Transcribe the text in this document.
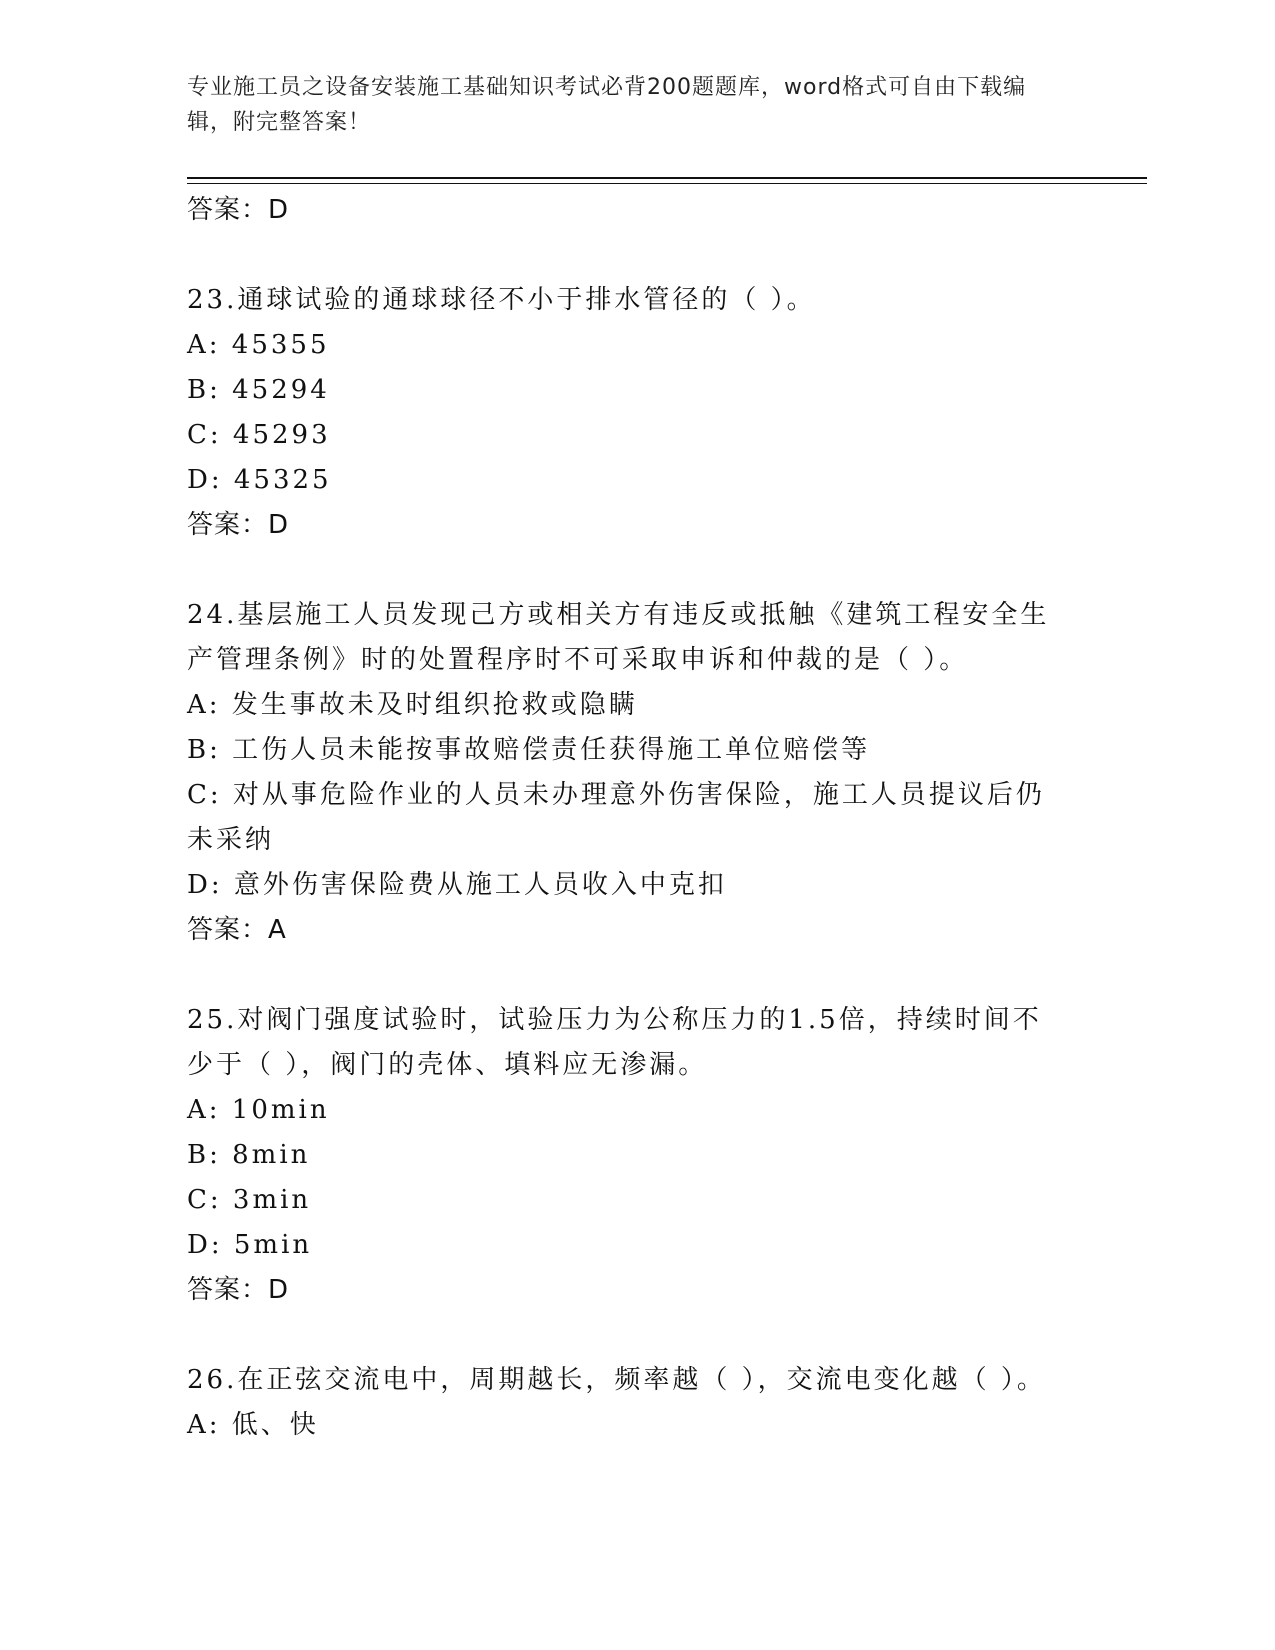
专业施工员之设备安装施工基础知识考试必背200题题库，word格式可自由下载编辑，附完整答案！
答案：D
23.通球试验的通球球径不小于排水管径的（ ）。
A: 45355
B: 45294
C: 45293
D: 45325
答案：D
24.基层施工人员发现己方或相关方有违反或抵触《建筑工程安全生产管理条例》时的处置程序时不可采取申诉和仲裁的是（ ）。
A: 发生事故未及时组织抢救或隐瞒
B: 工伤人员未能按事故赔偿责任获得施工单位赔偿等
C: 对从事危险作业的人员未办理意外伤害保险，施工人员提议后仍未采纳
D: 意外伤害保险费从施工人员收入中克扣
答案：A
25.对阀门强度试验时，试验压力为公称压力的1.5倍，持续时间不少于（ ），阀门的壳体、填料应无渗漏。
A: 10min
B: 8min
C: 3min
D: 5min
答案：D
26.在正弦交流电中，周期越长，频率越（ ），交流电变化越（ ）。
A: 低、快
